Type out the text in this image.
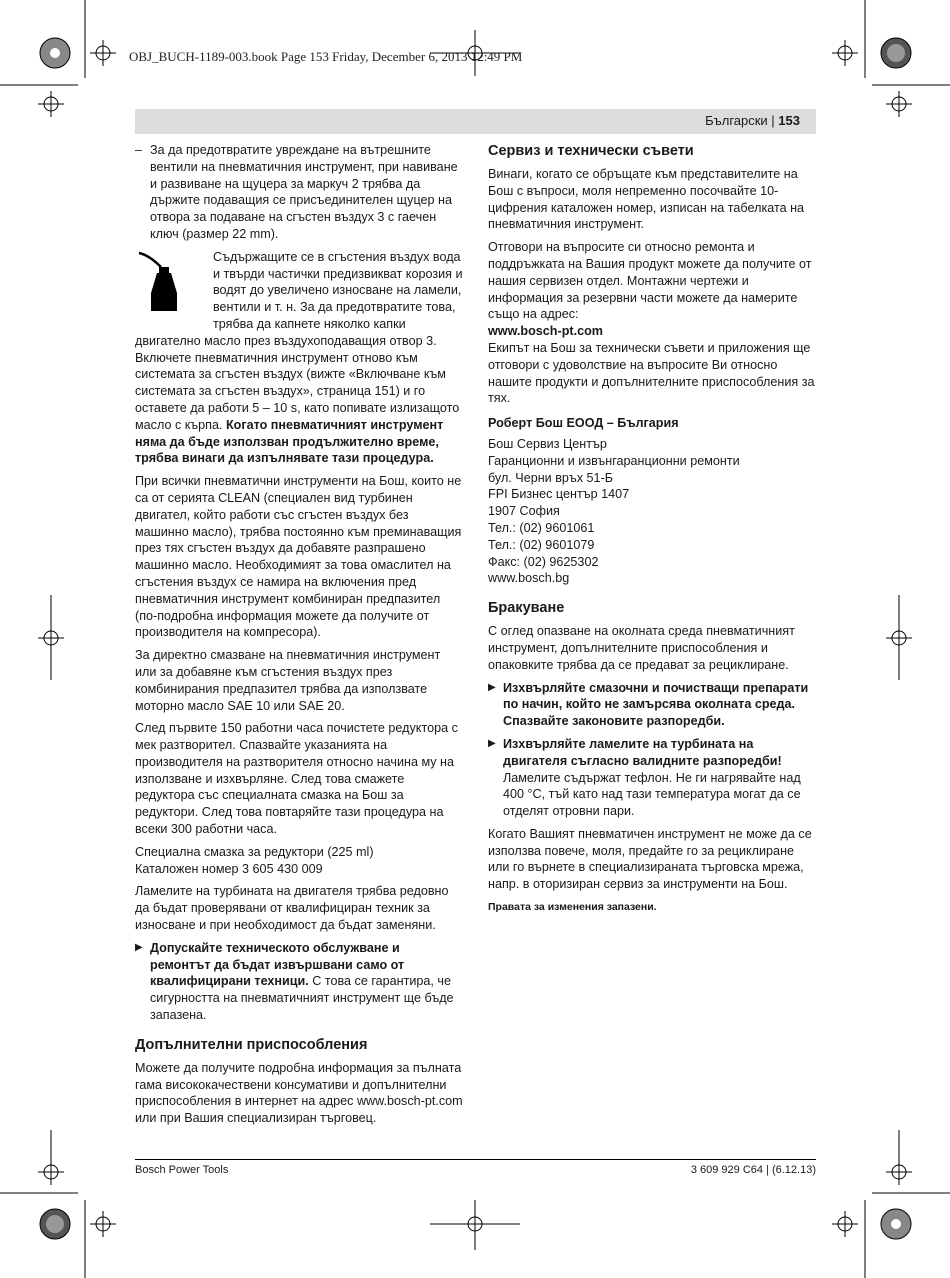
OBJ_BUCH-1189-003.book Page 153 Friday, December 6, 2013 12:49 PM
Български | 153
– За да предотвратите увреждане на вътрешните вентили на пневматичния инструмент, при навиване и развиване на щуцера за маркуч 2 трябва да държите подаващия се присъединителен щуцер на отвора за подаване на сгъстен въздух 3 с гаечен ключ (размер 22 mm).

Съдържащите се в сгъстения въздух вода и твърди частички предизвикват корозия и водят до увеличено износване на ламели, вентили и т. н. За да предотвратите това, трябва да капнете няколко капки двигателно масло през въздухоподаващия отвор 3. Включете пневматичния инструмент отново към системата за сгъстен въздух (вижте «Включване към системата за сгъстен въздух», страница 151) и го оставете да работи 5 – 10 s, като попивате излизащото масло с кърпа. Когато пневматичният инструмент няма да бъде използван продължително време, трябва винаги да изпълнявате тази процедура.

При всички пневматични инструменти на Бош, които не са от серията CLEAN (специален вид турбинен двигател, който работи със сгъстен въздух без машинно масло), трябва постоянно към преминаващия през тях сгъстен въздух да добавяте разпрашено машинно масло. Необходимият за това омаслител на сгъстения въздух се намира на включения пред пневматичния инструмент комбиниран предпазител (по-подробна информация можете да получите от производителя на компресора).

За директно смазване на пневматичния инструмент или за добавяне към сгъстения въздух през комбинирания предпазител трябва да използвате моторно масло SAE 10 или SAE 20.

След първите 150 работни часа почистете редуктора с мек разтворител. Спазвайте указанията на производителя на разтворителя относно начина му на използване и изхвърляне. След това смажете редуктора със специалната смазка на Бош за редуктори. След това повтаряйте тази процедура на всеки 300 работни часа.

Специална смазка за редуктори (225 ml)

Каталожен номер 3 605 430 009

Ламелите на турбината на двигателя трябва редовно да бъдат проверявани от квалифициран техник за износване и при необходимост да бъдат заменяни.

▶ Допускайте техническото обслужване и ремонтът да бъдат извършвани само от квалифицирани техници. С това се гарантира, че сигурността на пневматичният инструмент ще бъде запазена.
Допълнителни приспособления

Можете да получите подробна информация за пълната гама висококачествени консумативи и допълнителни приспособления в интернет на адрес www.bosch-pt.com или при Вашия специализиран търговец.

Сервиз и технически съвети

Винаги, когато се обръщате към представителите на Бош с въпроси, моля непременно посочвайте 10-цифрения каталожен номер, изписан на табелката на пневматичния инструмент.

Отговори на въпросите си относно ремонта и поддръжката на Вашия продукт можете да получите от нашия сервизен отдел. Монтажни чертежи и информация за резервни части можете да намерите също на адрес:
www.bosch-pt.com

Екипът на Бош за технически съвети и приложения ще отговори с удоволствие на въпросите Ви относно нашите продукти и допълнителните приспособления за тях.

Роберт Бош ЕООД – България
Бош Сервиз Център
Гаранционни и извънгаранционни ремонти
бул. Черни връх 51-Б
FPI Бизнес център 1407
1907 София
Тел.: (02) 9601061
Тел.: (02) 9601079
Факс: (02) 9625302
www.bosch.bg
Бракуване

С оглед опазване на околната среда пневматичният инструмент, допълнителните приспособления и опаковките трябва да се предават за рециклиране.

▶ Изхвърляйте смазочни и почистващи препарати по начин, който не замърсява околната среда. Спазвайте законовите разпоредби.
▶ Изхвърляйте ламелите на турбината на двигателя съгласно валидните разпоредби! Ламелите съдържат тефлон. Не ги нагрявайте над 400 °C, тъй като над тази температура могат да се отделят отровни пари.

Когато Вашият пневматичен инструмент не може да се използва повече, моля, предайте го за рециклиране или го върнете в специализираната търговска мрежа, напр. в оторизиран сервиз за инструменти на Бош.

Правата за изменения запазени.
Bosch Power Tools	3 609 929 C64 | (6.12.13)
